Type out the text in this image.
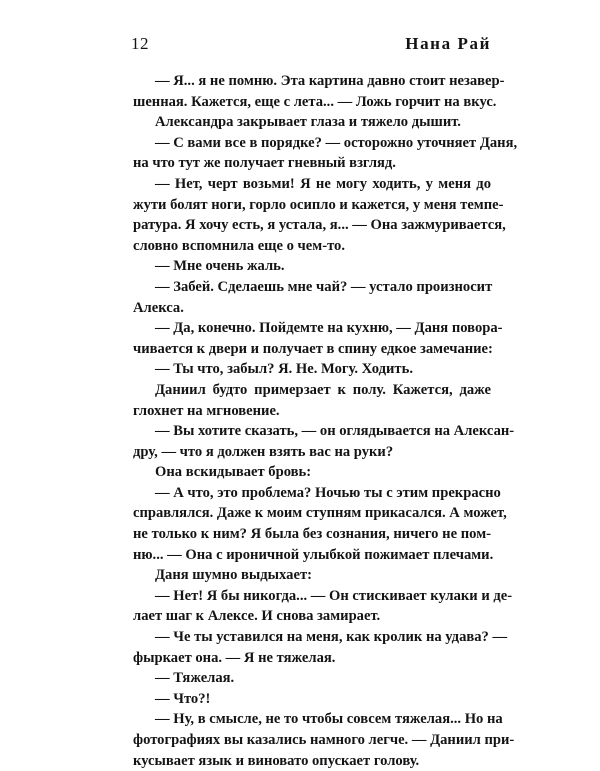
12	Нана Рай
— Я... я не помню. Эта картина давно стоит незавер-
шенная. Кажется, еще с лета... — Ложь горчит на вкус.
Александра закрывает глаза и тяжело дышит.
— С вами все в порядке? — осторожно уточняет Даня,
на что тут же получает гневный взгляд.
— Нет, черт возьми! Я не могу ходить, у меня до
жути болят ноги, горло осипло и кажется, у меня темпе-
ратура. Я хочу есть, я устала, я... — Она зажмуривается,
словно вспомнила еще о чем-то.
— Мне очень жаль.
— Забей. Сделаешь мне чай? — устало произносит
Алекса.
— Да, конечно. Пойдемте на кухню, — Даня повора-
чивается к двери и получает в спину едкое замечание:
— Ты что, забыл? Я. Не. Могу. Ходить.
Даниил будто примерзает к полу. Кажется, даже
глохнет на мгновение.
— Вы хотите сказать, — он оглядывается на Алексан-
дру, — что я должен взять вас на руки?
Она вскидывает бровь:
— А что, это проблема? Ночью ты с этим прекрасно
справлялся. Даже к моим ступням прикасался. А может,
не только к ним? Я была без сознания, ничего не пом-
ню... — Она с ироничной улыбкой пожимает плечами.
Даня шумно выдыхает:
— Нет! Я бы никогда... — Он стискивает кулаки и де-
лает шаг к Алексе. И снова замирает.
— Че ты уставился на меня, как кролик на удава? —
фыркает она. — Я не тяжелая.
— Тяжелая.
— Что?!
— Ну, в смысле, не то чтобы совсем тяжелая... Но на
фотографиях вы казались намного легче. — Даниил при-
кусывает язык и виновато опускает голову.
